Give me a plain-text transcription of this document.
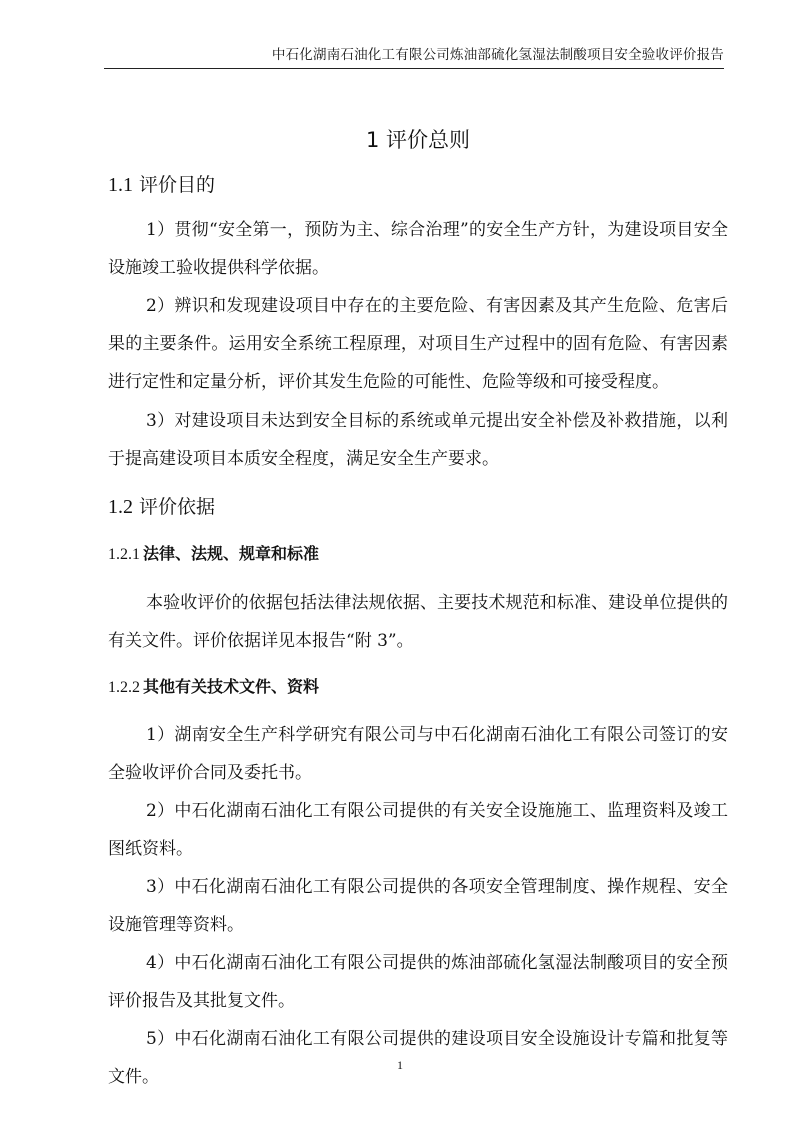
中石化湖南石油化工有限公司炼油部硫化氢湿法制酸项目安全验收评价报告
1 评价总则
1.1 评价目的

1）贯彻“安全第一，预防为主、综合治理”的安全生产方针，为建设项目安全设施竣工验收提供科学依据。

2）辨识和发现建设项目中存在的主要危险、有害因素及其产生危险、危害后果的主要条件。运用安全系统工程原理，对项目生产过程中的固有危险、有害因素进行定性和定量分析，评价其发生危险的可能性、危险等级和可接受程度。

3）对建设项目未达到安全目标的系统或单元提出安全补偿及补救措施，以利于提高建设项目本质安全程度，满足安全生产要求。

1.2 评价依据
1.2.1 法律、法规、规章和标准

本验收评价的依据包括法律法规依据、主要技术规范和标准、建设单位提供的有关文件。评价依据详见本报告“附 3”。

1.2.2 其他有关技术文件、资料

1）湖南安全生产科学研究有限公司与中石化湖南石油化工有限公司签订的安全验收评价合同及委托书。

2）中石化湖南石油化工有限公司提供的有关安全设施施工、监理资料及竣工图纸资料。

3）中石化湖南石油化工有限公司提供的各项安全管理制度、操作规程、安全设施管理等资料。

4）中石化湖南石油化工有限公司提供的炼油部硫化氢湿法制酸项目的安全预评价报告及其批复文件。

5）中石化湖南石油化工有限公司提供的建设项目安全设施设计专篇和批复等文件。

1
